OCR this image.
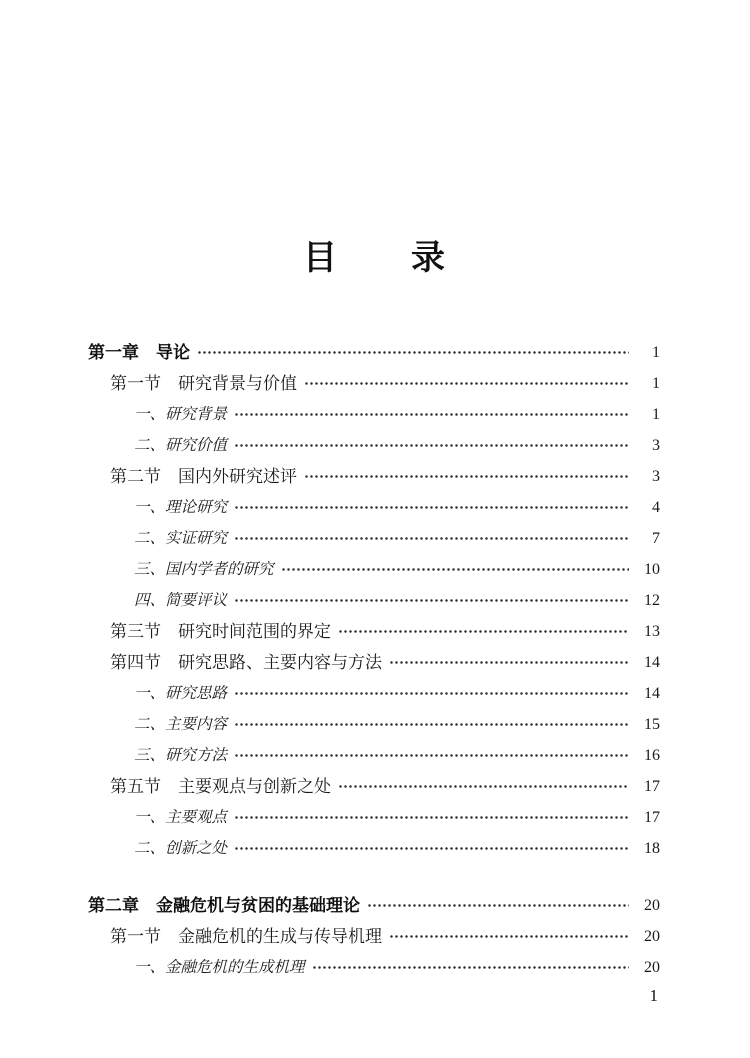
目　　录
第一章　导论	1
第一节　研究背景与价值	1
一、研究背景	1
二、研究价值	3
第二节　国内外研究述评	3
一、理论研究	4
二、实证研究	7
三、国内学者的研究	10
四、简要评议	12
第三节　研究时间范围的界定	13
第四节　研究思路、主要内容与方法	14
一、研究思路	14
二、主要内容	15
三、研究方法	16
第五节　主要观点与创新之处	17
一、主要观点	17
二、创新之处	18
第二章　金融危机与贫困的基础理论	20
第一节　金融危机的生成与传导机理	20
一、金融危机的生成机理	20
1
